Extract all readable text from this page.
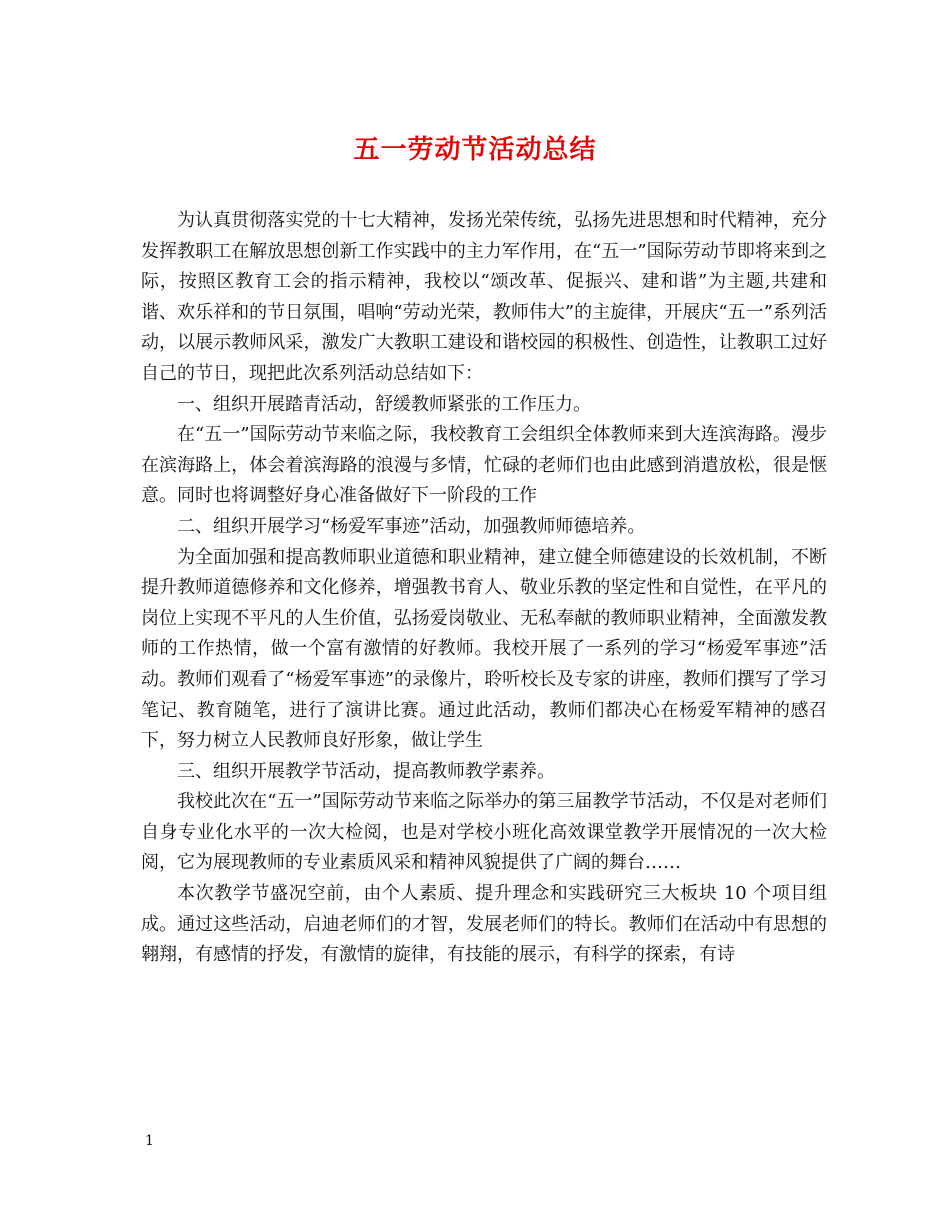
五一劳动节活动总结

为认真贯彻落实党的十七大精神，发扬光荣传统，弘扬先进思想和时代精神，充分发挥教职工在解放思想创新工作实践中的主力军作用，在“五一”国际劳动节即将来到之际，按照区教育工会的指示精神，我校以“颂改革、促振兴、建和谐”为主题,共建和谐、欢乐祥和的节日氛围，唱响“劳动光荣，教师伟大”的主旋律，开展庆“五一”系列活动，以展示教师风采，激发广大教职工建设和谐校园的积极性、创造性，让教职工过好自己的节日，现把此次系列活动总结如下：

一、组织开展踏青活动，舒缓教师紧张的工作压力。

在“五一”国际劳动节来临之际，我校教育工会组织全体教师来到大连滨海路。漫步在滨海路上，体会着滨海路的浪漫与多情，忙碌的老师们也由此感到消遣放松，很是惬意。同时也将调整好身心准备做好下一阶段的工作

二、组织开展学习“杨爱军事迹”活动，加强教师师德培养。

为全面加强和提高教师职业道德和职业精神，建立健全师德建设的长效机制，不断提升教师道德修养和文化修养，增强教书育人、敬业乐教的坚定性和自觉性，在平凡的岗位上实现不平凡的人生价值，弘扬爱岗敬业、无私奉献的教师职业精神，全面激发教师的工作热情，做一个富有激情的好教师。我校开展了一系列的学习“杨爱军事迹”活动。教师们观看了“杨爱军事迹”的录像片，聆听校长及专家的讲座，教师们撰写了学习笔记、教育随笔，进行了演讲比赛。通过此活动，教师们都决心在杨爱军精神的感召下，努力树立人民教师良好形象，做让学生

三、组织开展教学节活动，提高教师教学素养。

我校此次在“五一”国际劳动节来临之际举办的第三届教学节活动，不仅是对老师们自身专业化水平的一次大检阅，也是对学校小班化高效课堂教学开展情况的一次大检阅，它为展现教师的专业素质风采和精神风貌提供了广阔的舞台……

本次教学节盛况空前，由个人素质、提升理念和实践研究三大板块 10 个项目组成。通过这些活动，启迪老师们的才智，发展老师们的特长。教师们在活动中有思想的翱翔，有感情的抒发，有激情的旋律，有技能的展示，有科学的探索，有诗

1
